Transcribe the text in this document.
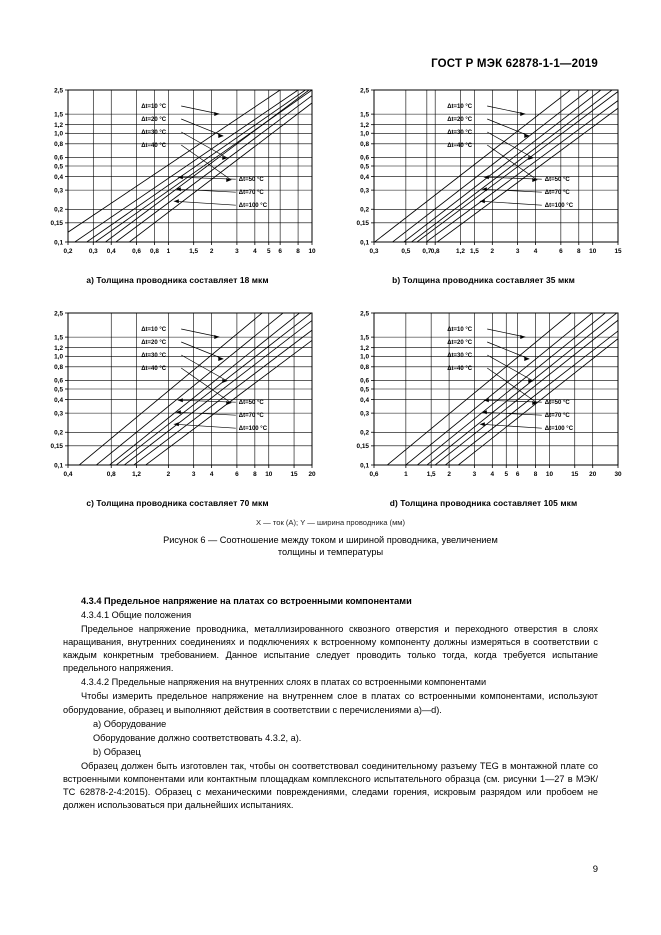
ГОСТ Р МЭК 62878-1-1—2019
0,2	0,3 0,4	0,6 0,8 1	1,5 2	3 4 5 6 8 10
0,1
0,15
0,2
0,3
0,4
0,5
0,6
0,8
1,0
1,2
1,5
2,5
Δt=10 °C
Δt=20 °C
Δt=30 °C
Δt=40 °C
Δt=50 °C
Δt=70 °C
Δt=100 °C
a) Толщина проводника составляет 18 мкм
0,3	0,5 0,7 0,8	1,2 1,5 2	3 4	6 8 10	15
0,1
0,15
0,2
0,3
0,4
0,5
0,6
0,8
1,0
1,2
1,5
2,5
Δt=10 °C
Δt=20 °C
Δt=30 °C
Δt=40 °C
Δt=50 °C
Δt=70 °C
Δt=100 °C
b) Толщина проводника составляет 35 мкм
0,4	0,8	1,2	2	3 4	6 8 10	15 20
0,1
0,15
0,2
0,3
0,4
0,5
0,6
0,8
1,0
1,2
1,5
2,5
Δt=10 °C
Δt=20 °C
Δt=30 °C
Δt=40 °C
Δt=50 °C
Δt=70 °C
Δt=100 °C
c) Толщина проводника составляет 70 мкм
0,6	1	1,5 2	3 4 5 6 8 10	15 20	30
0,1
0,15
0,2
0,3
0,4
0,5
0,6
0,8
1,0
1,2
1,5
2,5
Δt=10 °C
Δt=20 °C
Δt=30 °C
Δt=40 °C
Δt=50 °C
Δt=70 °C
Δt=100 °C
d) Толщина проводника составляет 105 мкм
X — ток (A); Y — ширина проводника (мм)
Рисунок 6 — Соотношение между током и шириной проводника, увеличением
толщины и температуры

4.3.4 Предельное напряжение на платах со встроенными компонентами

4.3.4.1 Общие положения

Предельное напряжение проводника, металлизированного сквозного отверстия и переходного отверстия в слоях наращивания, внутренних соединениях и подключениях к встроенному компоненту должны измеряться в соответствии с каждым конкретным требованием. Данное испытание следует проводить только тогда, когда требуется испытание предельного напряжения.

4.3.4.2 Предельные напряжения на внутренних слоях в платах со встроенными компонентами

Чтобы измерить предельное напряжение на внутреннем слое в платах со встроенными компонентами, используют оборудование, образец и выполняют действия в соответствии с перечислениями a)—d).

a) Оборудование

Оборудование должно соответствовать 4.3.2, a).

b) Образец

Образец должен быть изготовлен так, чтобы он соответствовал соединительному разъему TEG в монтажной плате со встроенными компонентами или контактным площадкам комплексного испытательного образца (см. рисунки 1—27 в МЭК/ТС 62878-2-4:2015). Образец с механическими повреждениями, следами горения, искровым разрядом или пробоем не должен использоваться при дальнейших испытаниях.

9
